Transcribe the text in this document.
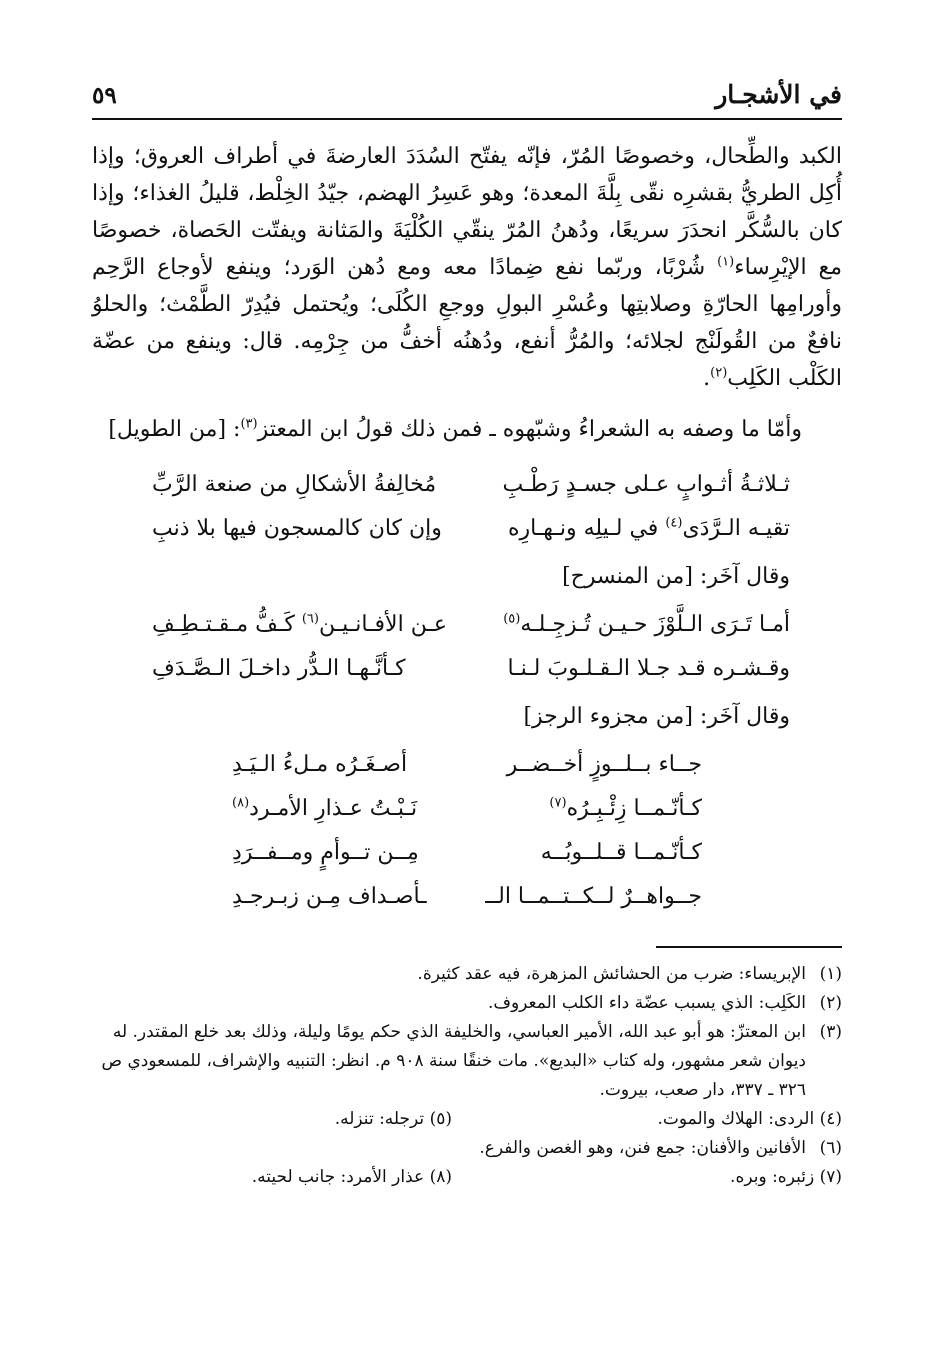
في الأشجـار
٥٩

الكبد والطِّحال، وخصوصًا المُرّ، فإنّه يفتّح السُدَدَ العارضةَ في أطراف العروق؛ وإذا أُكِل الطريُّ بقشرِه نقّى بِلَّةَ المعدة؛ وهو عَسِرُ الهضم، جيّدُ الخِلْط، قليلُ الغذاء؛ وإذا كان بالسُّكَّر انحدَرَ سريعًا، ودُهنُ المُرّ ينقّي الكُلْيَةَ والمَثانة ويفتّت الحَصاة، خصوصًا مع الإيْرِساء$^{(١)}$ شُرْبًا، وربّما نفع ضِمادًا معه ومع دُهن الوَرد؛ وينفع لأوجاع الرَّحِم وأورامِها الحارّةِ وصلابتِها وعُسْرِ البولِ ووجعِ الكُلَى؛ ويُحتمل فيُدِرّ الطَّمْث؛ والحلوُ نافعٌ من القُولَنْج لجلائه؛ والمُرُّ أنفع، ودُهنُه أخفُّ من جِرْمِه. قال: وينفع من عضّة الكَلْب الكَلِب$^{(٢)}$.

وأمّا ما وصفه به الشعراءُ وشبّهوه ـ فمن ذلك قولُ ابن المعتز$^{(٣)}$: [من الطويل]

ثـلاثـةُ أثـوابٍ عـلى جسـدٍ رَطْـبِ
مُخالِفةُ الأشكالِ من صنعة الرَّبِّ
تقيـه الـرَّدَى$^{(٤)}$ في لـيلِه ونـهـارِه
وإن كان كالمسجون فيها بلا ذنبِ
وقال آخَر: [من المنسرح]
أمـا تَـرَى الـلَّوْزَ حـيـن تُـزجِـلـه$^{(٥)}$
عـن الأفـانـيـن$^{(٦)}$ كَـفُّ مـقـتـطِـفِ
وقـشـره قـد جـلا الـقـلـوبَ لـنـا
كـأنَّـهـا الـدُّر داخـلَ الـصَّـدَفِ
وقال آخَر: [من مجزوء الرجز]
جــاء بــلــوزٍ أخــضــر
أصـغَـرُه مـلءُ الـيَـدِ
كـأنّـمــا زِئْـبِـرُه$^{(٧)}$
نَـبْـتُ عـذارِ الأمـرد$^{(٨)}$
كـأنّـمــا قــلــوبُــه
مِــن تــوأمٍ ومــفــرَدِ
جــواهــرٌ لــكــتــمــا الــ
ـأصـداف مِـن زبـرجـدِ
(١)
الإبريساء: ضرب من الحشائش المزهرة، فيه عقد كثيرة.
(٢)
الكَلِب: الذي يسبب عضّة داء الكلب المعروف.
(٣)
ابن المعتزّ: هو أبو عبد الله، الأمير العباسي، والخليفة الذي حكم يومًا وليلة، وذلك بعد خلع المقتدر. له ديوان شعر مشهور، وله كتاب «البديع». مات خنقًا سنة ٩٠٨ م. انظر: التنبيه والإشراف، للمسعودي ص ٣٢٦ ـ ٣٣٧، دار صعب، بيروت.
(٤) الردى: الهلاك والموت.
(٥) ترجله: تنزله.
(٦)
الأفانين والأفنان: جمع فنن، وهو الغصن والفرع.
(٧) زئبره: وبره.
(٨) عذار الأمرد: جانب لحيته.
